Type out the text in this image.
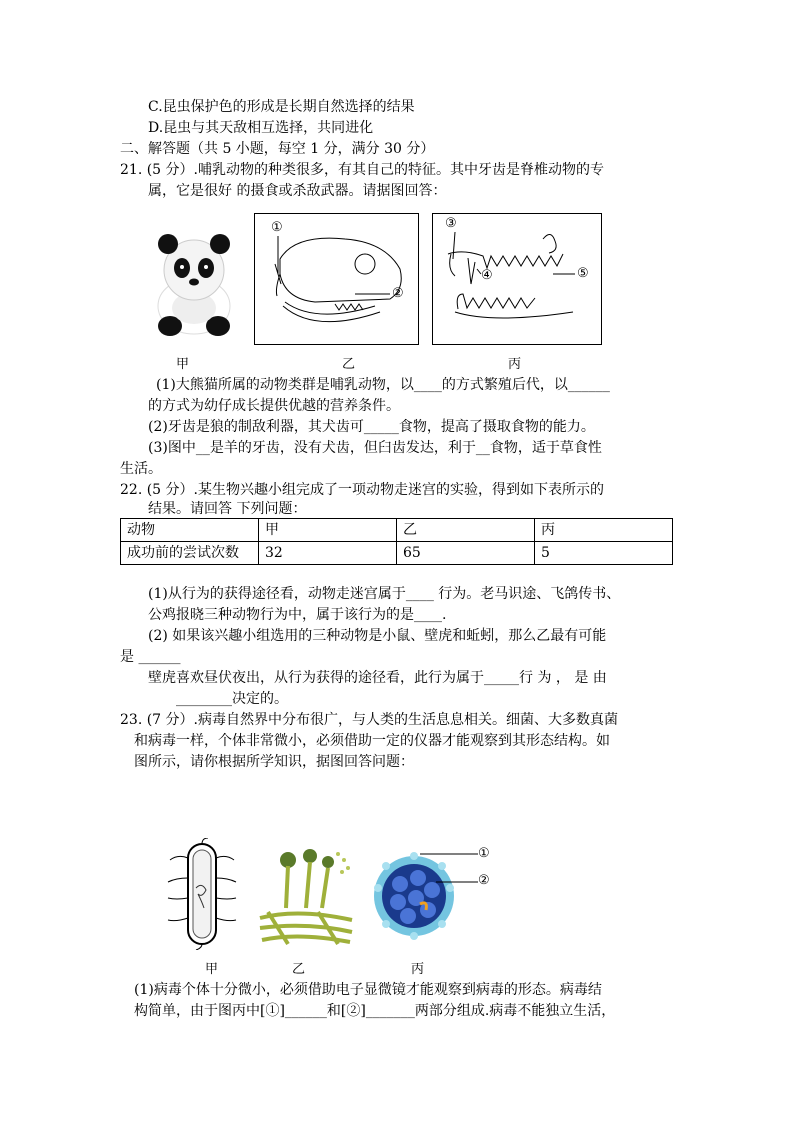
C.昆虫保护色的形成是长期自然选择的结果
D.昆虫与其天敌相互选择，共同进化
二、解答题（共 5 小题，每空 1 分，满分 30 分）
21. (5 分）.哺乳动物的种类很多，有其自己的特征。其中牙齿是脊椎动物的专
属，它是很好 的摄食或杀敌武器。请据图回答：
①
②
③
④	⑤
甲	乙	丙
(1)大熊猫所属的动物类群是哺乳动物，以____的方式繁殖后代，以______
的方式为幼仔成长提供优越的营养条件。
(2)牙齿是狼的制敌利器，其犬齿可_____食物，提高了摄取食物的能力。
(3)图中__是羊的牙齿，没有犬齿，但臼齿发达，利于__食物，适于草食性
生活。
22. (5 分）.某生物兴趣小组完成了一项动物走迷宫的实验，得到如下表所示的
结果。请回答 下列问题：
动物	甲	乙	丙
成功前的尝试次数	32	65	5
(1)从行为的获得途径看，动物走迷宫属于____ 行为。老马识途、飞鸽传书、
公鸡报晓三种动物行为中，属于该行为的是____.
(2) 如果该兴趣小组选用的三种动物是小鼠、壁虎和蚯蚓，那么乙最有可能
是 ______
壁虎喜欢昼伏夜出，从行为获得的途径看，此行为属于_____行 为 ， 是 由
________决定的。
23. (7 分）.病毒自然界中分布很广，与人类的生活息息相关。细菌、大多数真菌
和病毒一样，个体非常微小，必须借助一定的仪器才能观察到其形态结构。如
图所示，请你根据所学知识，据图回答问题：
①
②
甲	乙	丙
(1)病毒个体十分微小，必须借助电子显微镜才能观察到病毒的形态。病毒结
构简单，由于图丙中[①]______和[②]_______两部分组成.病毒不能独立生活，
